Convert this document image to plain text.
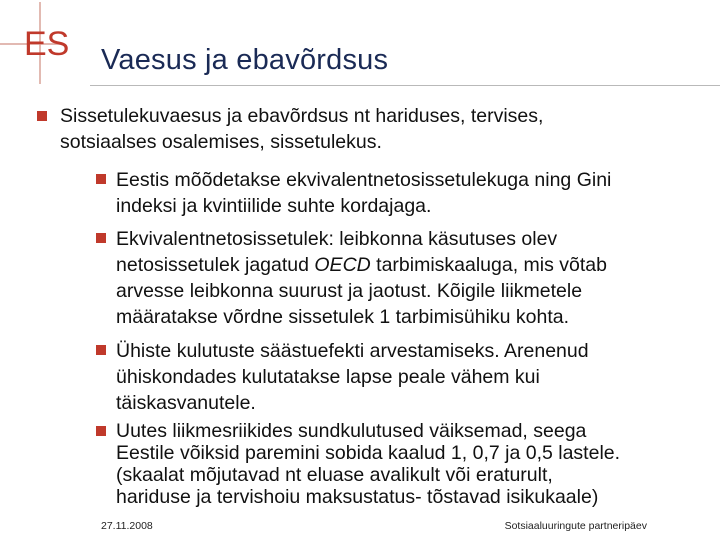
ES Vaesus ja ebavõrdsus
Sissetulekuvaesus ja ebavõrdsus nt hariduses, tervises,
sotsiaalses osalemises, sissetulekus.
Eestis mõõdetakse ekvivalentnetosissetulekuga ning Gini
indeksi ja kvintiilide suhte kordajaga.
Ekvivalentnetosissetulek: leibkonna käsutuses olev
netosissetulek jagatud OECD tarbimiskaaluga, mis võtab
arvesse leibkonna suurust ja jaotust. Kõigile liikmetele
määratakse võrdne sissetulek 1 tarbimisühiku kohta.
Ühiste kulutuste säästuefekti arvestamiseks. Arenenud
ühiskondades kulutatakse lapse peale vähem kui
täiskasvanutele.
Uutes liikmesriikides sundkulutused väiksemad, seega
Eestile võiksid paremini sobida kaalud 1, 0,7 ja 0,5 lastele.
(skaalat mõjutavad nt eluase avalikult või eraturult,
hariduse ja tervishoiu maksustatus- tõstavad isikukaale)
27.11.2008	Sotsiaaluuringute partneripäev
